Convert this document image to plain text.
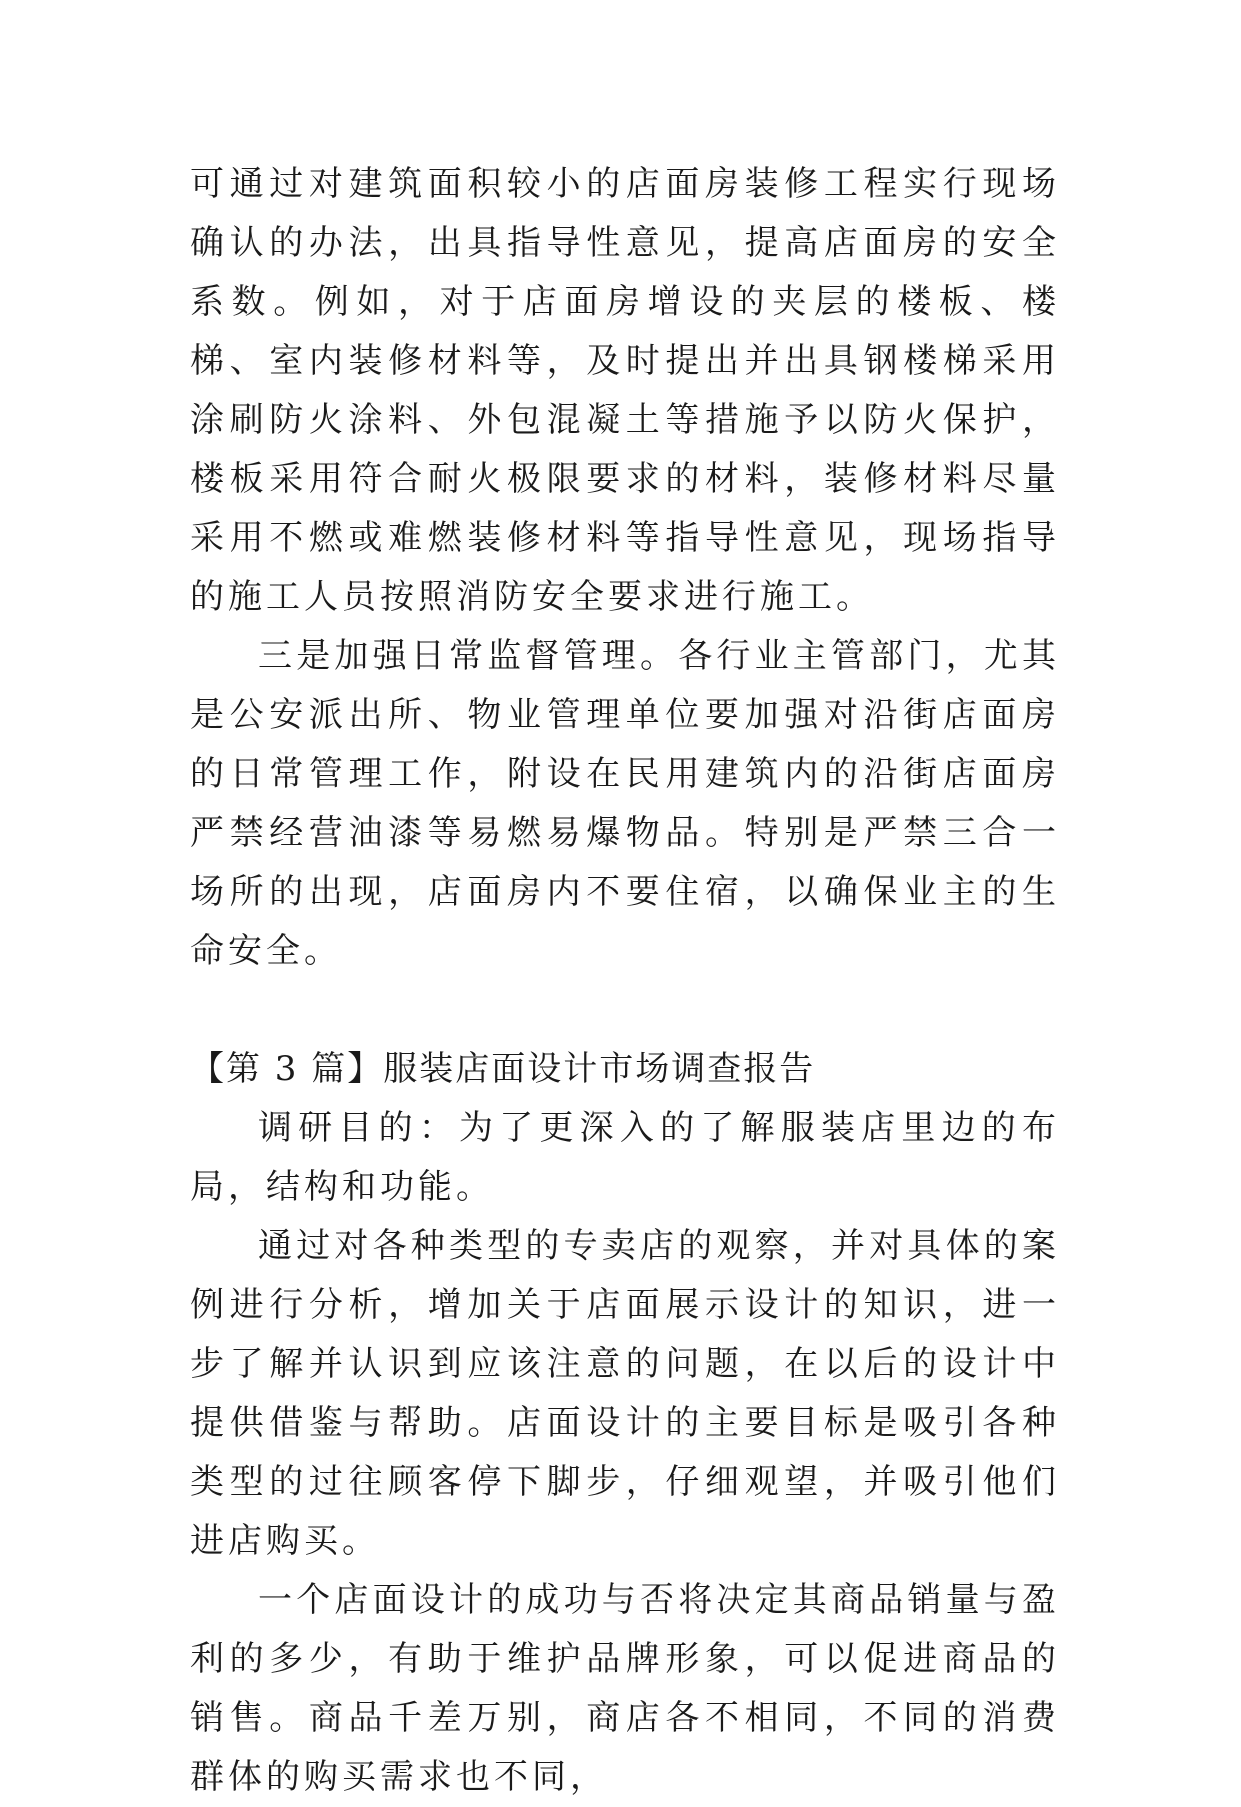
可通过对建筑面积较小的店面房装修工程实行现场确认的办法，出具指导性意见，提高店面房的安全系数。例如，对于店面房增设的夹层的楼板、楼梯、室内装修材料等，及时提出并出具钢楼梯采用涂刷防火涂料、外包混凝土等措施予以防火保护，楼板采用符合耐火极限要求的材料，装修材料尽量采用不燃或难燃装修材料等指导性意见，现场指导的施工人员按照消防安全要求进行施工。

三是加强日常监督管理。各行业主管部门，尤其是公安派出所、物业管理单位要加强对沿街店面房的日常管理工作，附设在民用建筑内的沿街店面房严禁经营油漆等易燃易爆物品。特别是严禁三合一场所的出现，店面房内不要住宿，以确保业主的生命安全。

【第 3 篇】服装店面设计市场调查报告

调研目的：为了更深入的了解服装店里边的布局，结构和功能。

通过对各种类型的专卖店的观察，并对具体的案例进行分析，增加关于店面展示设计的知识，进一步了解并认识到应该注意的问题，在以后的设计中提供借鉴与帮助。店面设计的主要目标是吸引各种类型的过往顾客停下脚步，仔细观望，并吸引他们进店购买。

一个店面设计的成功与否将决定其商品销量与盈利的多少，有助于维护品牌形象，可以促进商品的销售。商品千差万别，商店各不相同，不同的消费群体的购买需求也不同，
